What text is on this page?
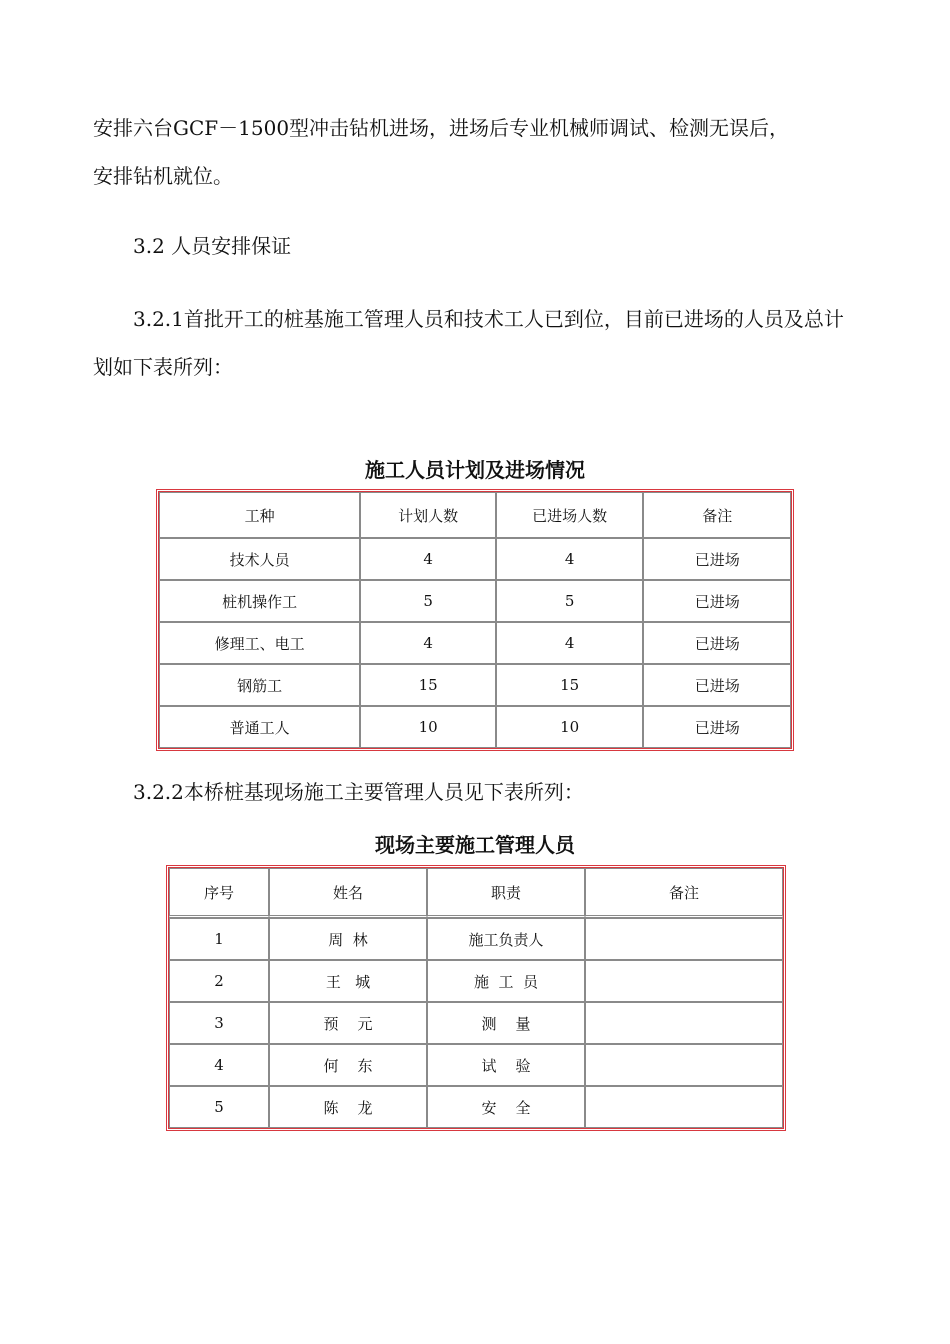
安排六台GCF－1500型冲击钻机进场，进场后专业机械师调试、检测无误后，
安排钻机就位。

3.2 人员安排保证

3.2.1首批开工的桩基施工管理人员和技术工人已到位，目前已进场的人员及总计划如下表所列：

施工人员计划及进场情况
工种	计划人数	已进场人数	备注
技术人员	4	4	已进场
桩机操作工	5	5	已进场
修理工、电工	4	4	已进场
钢筋工	15	15	已进场
普通工人	10	10	已进场

3.2.2本桥桩基现场施工主要管理人员见下表所列：

现场主要施工管理人员
序号	姓名	职责	备注
1	周  林	施工负责人	
2	王   城	施  工  员	
3	预    元	测    量	
4	何    东	试    验	
5	陈    龙	安    全	
